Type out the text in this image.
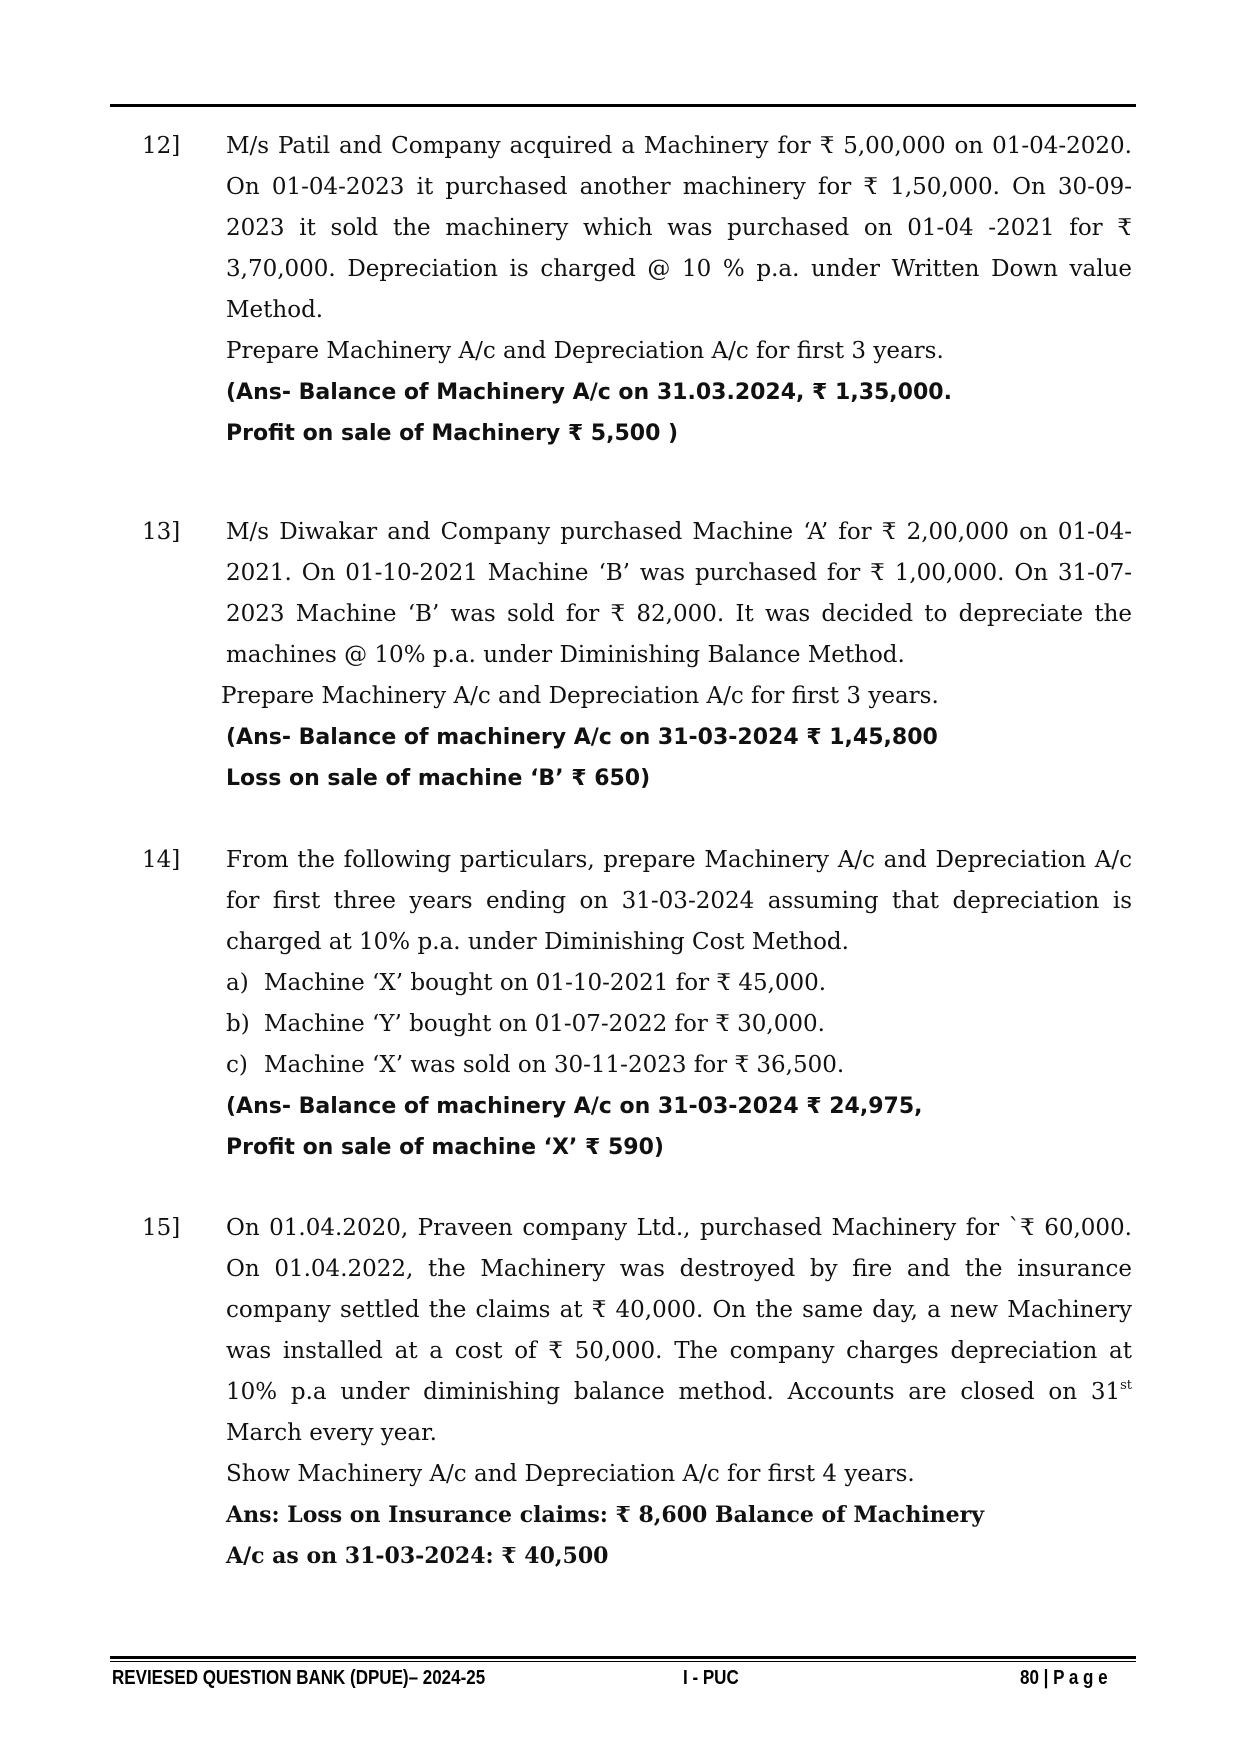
12] M/s Patil and Company acquired a Machinery for ₹ 5,00,000 on 01-04-2020. On 01-04-2023 it purchased another machinery for ₹ 1,50,000. On 30-09-2023 it sold the machinery which was purchased on 01-04 -2021 for ₹ 3,70,000. Depreciation is charged @ 10 % p.a. under Written Down value Method.

Prepare Machinery A/c and Depreciation A/c for first 3 years.

(Ans- Balance of Machinery A/c on 31.03.2024, ₹ 1,35,000.

Profit on sale of Machinery ₹ 5,500 )

13] M/s Diwakar and Company purchased Machine ‘A’ for ₹ 2,00,000 on 01-04-2021. On 01-10-2021 Machine ‘B’ was purchased for ₹ 1,00,000. On 31-07-2023 Machine ‘B’ was sold for ₹ 82,000. It was decided to depreciate the machines @ 10% p.a. under Diminishing Balance Method.

Prepare Machinery A/c and Depreciation A/c for first 3 years.

(Ans- Balance of machinery A/c on 31-03-2024 ₹ 1,45,800

Loss on sale of machine ‘B’ ₹ 650)

14] From the following particulars, prepare Machinery A/c and Depreciation A/c for first three years ending on 31-03-2024 assuming that depreciation is charged at 10% p.a. under Diminishing Cost Method.

a) Machine ‘X’ bought on 01-10-2021 for ₹ 45,000.

b) Machine ‘Y’ bought on 01-07-2022 for ₹ 30,000.

c) Machine ‘X’ was sold on 30-11-2023 for ₹ 36,500.

(Ans- Balance of machinery A/c on 31-03-2024 ₹ 24,975,

Profit on sale of machine ‘X’ ₹ 590)

15] On 01.04.2020, Praveen company Ltd., purchased Machinery for `₹ 60,000. On 01.04.2022, the Machinery was destroyed by fire and the insurance company settled the claims at ₹ 40,000. On the same day, a new Machinery was installed at a cost of ₹ 50,000. The company charges depreciation at 10% p.a under diminishing balance method. Accounts are closed on 31st March every year.

Show Machinery A/c and Depreciation A/c for first 4 years.

Ans: Loss on Insurance claims: ₹ 8,600 Balance of Machinery

A/c as on 31-03-2024: ₹ 40,500

REVIESED QUESTION BANK (DPUE)– 2024-25	I - PUC	80 | P a g e
